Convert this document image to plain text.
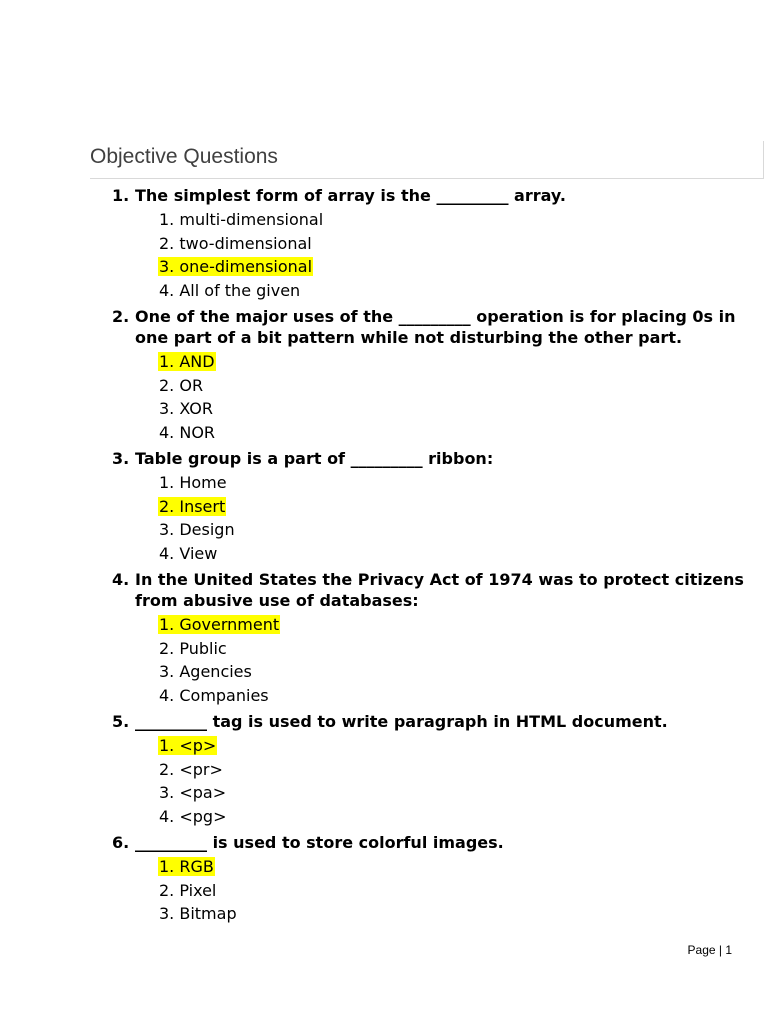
Objective Questions
1. The simplest form of array is the _________ array.
1. multi-dimensional
2. two-dimensional
3. one-dimensional
4. All of the given
2. One of the major uses of the _________ operation is for placing 0s in one part of a bit pattern while not disturbing the other part.
1. AND
2. OR
3. XOR
4. NOR
3. Table group is a part of _________ ribbon:
1. Home
2. Insert
3. Design
4. View
4. In the United States the Privacy Act of 1974 was to protect citizens from abusive use of databases:
1. Government
2. Public
3. Agencies
4. Companies
5. _________ tag is used to write paragraph in HTML document.
1. <p>
2. <pr>
3. <pa>
4. <pg>
6. _________ is used to store colorful images.
1. RGB
2. Pixel
3. Bitmap
Page | 1
